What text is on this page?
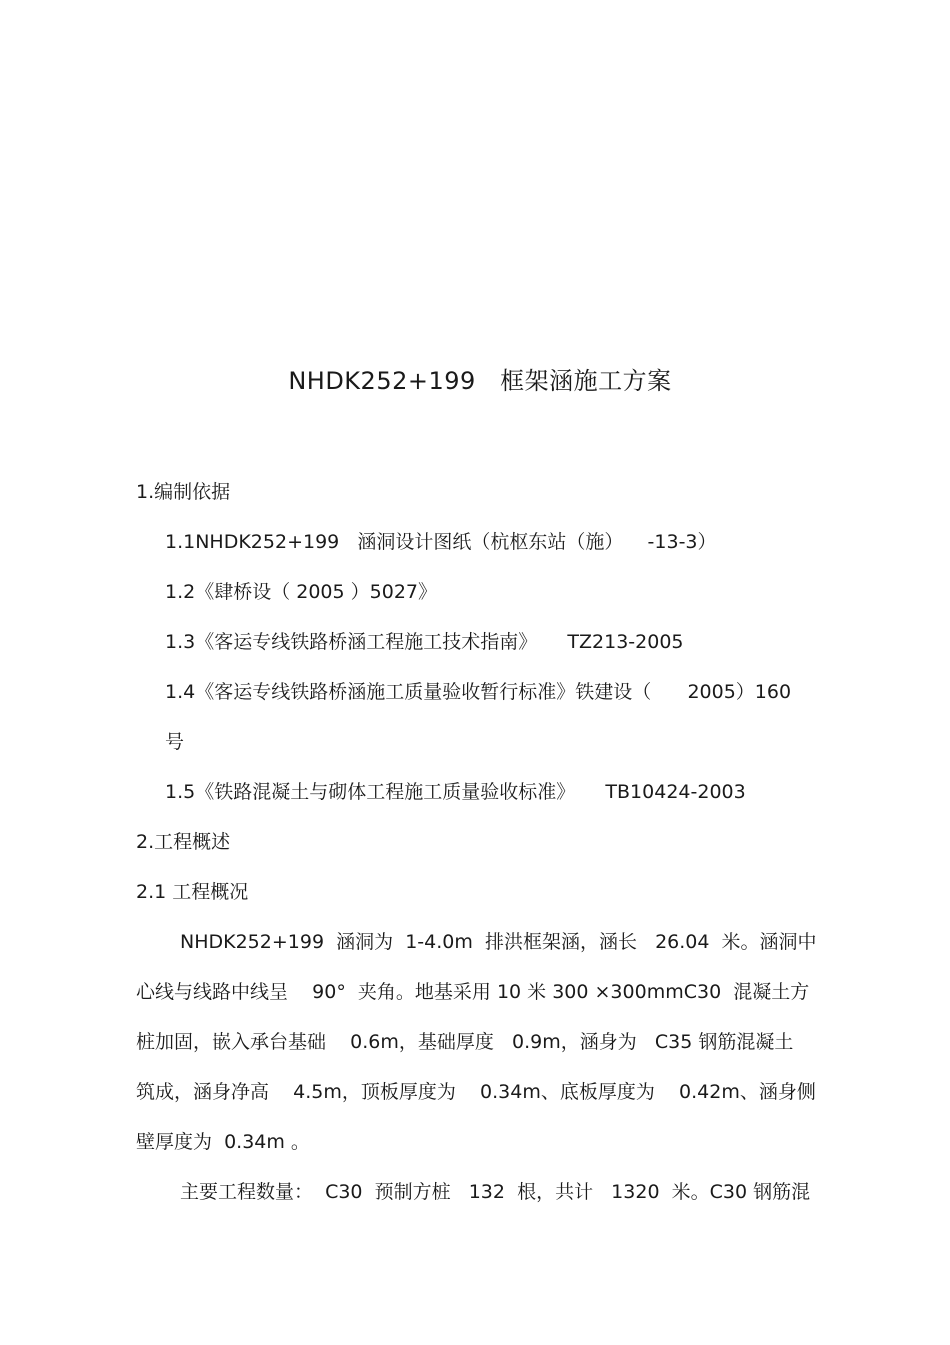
NHDK252+199   框架涵施工方案
1.编制依据
1.1NHDK252+199   涵洞设计图纸（杭枢东站（施）    -13-3）
1.2《肆桥设（ 2005 ）5027》
1.3《客运专线铁路桥涵工程施工技术指南》     TZ213-2005
1.4《客运专线铁路桥涵施工质量验收暂行标准》铁建设（      2005）160
号
1.5《铁路混凝土与砌体工程施工质量验收标准》     TB10424-2003
2.工程概述
2.1 工程概况
NHDK252+199  涵洞为  1-4.0m  排洪框架涵，涵长   26.04  米。涵洞中
心线与线路中线呈    90°  夹角。地基采用 10 米 300 ×300mmC30  混凝土方
桩加固，嵌入承台基础    0.6m，基础厚度   0.9m，涵身为   C35 钢筋混凝土
筑成，涵身净高    4.5m，顶板厚度为    0.34m、底板厚度为    0.42m、涵身侧
壁厚度为  0.34m 。
主要工程数量：  C30  预制方桩   132  根，共计   1320  米。C30 钢筋混
